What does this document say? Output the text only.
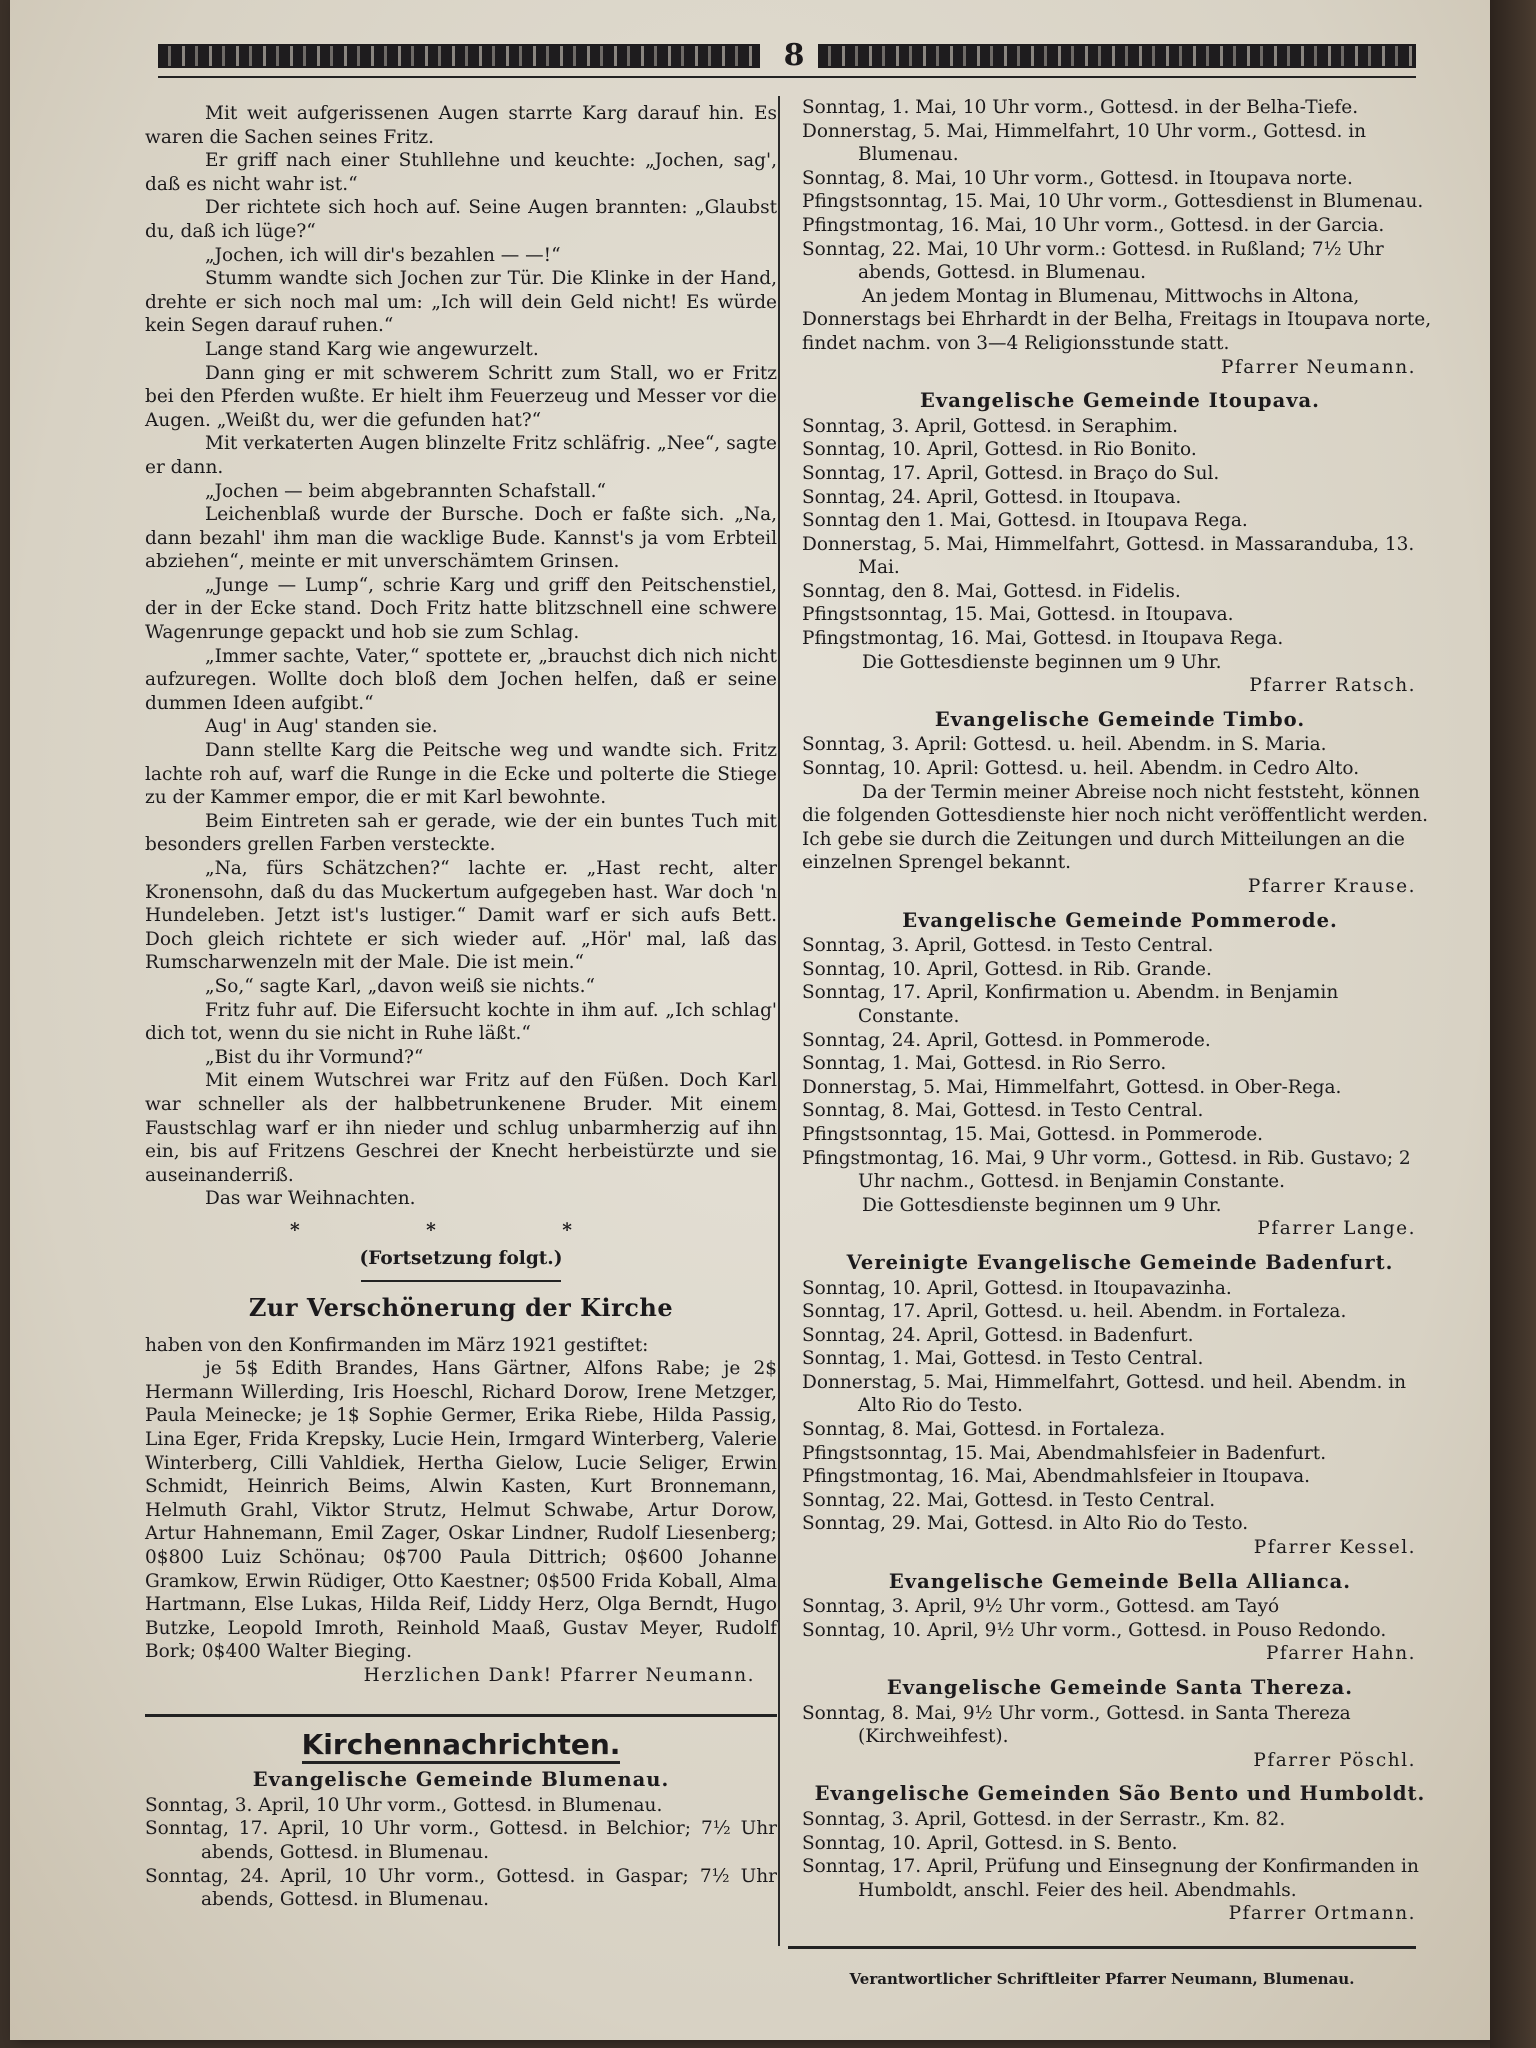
8

Mit weit aufgerissenen Augen starrte Karg darauf hin. Es waren die Sachen seines Fritz.

Er griff nach einer Stuhllehne und keuchte: „Jochen, sag', daß es nicht wahr ist.“

Der richtete sich hoch auf. Seine Augen brannten: „Glaubst du, daß ich lüge?“

„Jochen, ich will dir's bezahlen — —!“

Stumm wandte sich Jochen zur Tür. Die Klinke in der Hand, drehte er sich noch mal um: „Ich will dein Geld nicht! Es würde kein Segen darauf ruhen.“

Lange stand Karg wie angewurzelt.

Dann ging er mit schwerem Schritt zum Stall, wo er Fritz bei den Pferden wußte. Er hielt ihm Feuerzeug und Messer vor die Augen. „Weißt du, wer die gefunden hat?“

Mit verkaterten Augen blinzelte Fritz schläfrig. „Nee“, sagte er dann.

„Jochen — beim abgebrannten Schafstall.“

Leichenblaß wurde der Bursche. Doch er faßte sich. „Na, dann bezahl' ihm man die wacklige Bude. Kannst's ja vom Erbteil abziehen“, meinte er mit unverschämtem Grinsen.

„Junge — Lump“, schrie Karg und griff den Peitschenstiel, der in der Ecke stand. Doch Fritz hatte blitzschnell eine schwere Wagenrunge gepackt und hob sie zum Schlag.

„Immer sachte, Vater,“ spottete er, „brauchst dich nich nicht aufzuregen. Wollte doch bloß dem Jochen helfen, daß er seine dummen Ideen aufgibt.“

Aug' in Aug' standen sie.

Dann stellte Karg die Peitsche weg und wandte sich. Fritz lachte roh auf, warf die Runge in die Ecke und polterte die Stiege zu der Kammer empor, die er mit Karl bewohnte.

Beim Eintreten sah er gerade, wie der ein buntes Tuch mit besonders grellen Farben versteckte.

„Na, fürs Schätzchen?“ lachte er. „Hast recht, alter Kronensohn, daß du das Muckertum aufgegeben hast. War doch 'n Hundeleben. Jetzt ist's lustiger.“ Damit warf er sich aufs Bett. Doch gleich richtete er sich wieder auf. „Hör' mal, laß das Rumscharwenzeln mit der Male. Die ist mein.“

„So,“ sagte Karl, „davon weiß sie nichts.“

Fritz fuhr auf. Die Eifersucht kochte in ihm auf. „Ich schlag' dich tot, wenn du sie nicht in Ruhe läßt.“

„Bist du ihr Vormund?“

Mit einem Wutschrei war Fritz auf den Füßen. Doch Karl war schneller als der halbbetrunkenene Bruder. Mit einem Faustschlag warf er ihn nieder und schlug unbarmherzig auf ihn ein, bis auf Fritzens Geschrei der Knecht herbeistürzte und sie auseinanderriß.

Das war Weihnachten.

* * *
(Fortsetzung folgt.)
Zur Verschönerung der Kirche

haben von den Konfirmanden im März 1921 gestiftet:

je 5$ Edith Brandes, Hans Gärtner, Alfons Rabe; je 2$ Hermann Willerding, Iris Hoeschl, Richard Dorow, Irene Metzger, Paula Meinecke; je 1$ Sophie Germer, Erika Riebe, Hilda Passig, Lina Eger, Frida Krepsky, Lucie Hein, Irmgard Winterberg, Valerie Winterberg, Cilli Vahldiek, Hertha Gielow, Lucie Seliger, Erwin Schmidt, Heinrich Beims, Alwin Kasten, Kurt Bronnemann, Helmuth Grahl, Viktor Strutz, Helmut Schwabe, Artur Dorow, Artur Hahnemann, Emil Zager, Oskar Lindner, Rudolf Liesenberg; 0$800 Luiz Schönau; 0$700 Paula Dittrich; 0$600 Johanne Gramkow, Erwin Rüdiger, Otto Kaestner; 0$500 Frida Koball, Alma Hartmann, Else Lukas, Hilda Reif, Liddy Herz, Olga Berndt, Hugo Butzke, Leopold Imroth, Reinhold Maaß, Gustav Meyer, Rudolf Bork; 0$400 Walter Bieging.

Herzlichen Dank! Pfarrer Neumann.

Kirchennachrichten.
Evangelische Gemeinde Blumenau.

Sonntag, 3. April, 10 Uhr vorm., Gottesd. in Blumenau.

Sonntag, 17. April, 10 Uhr vorm., Gottesd. in Belchior; 7½ Uhr abends, Gottesd. in Blumenau.

Sonntag, 24. April, 10 Uhr vorm., Gottesd. in Gaspar; 7½ Uhr abends, Gottesd. in Blumenau.

Sonntag, 1. Mai, 10 Uhr vorm., Gottesd. in der Belha-Tiefe.

Donnerstag, 5. Mai, Himmelfahrt, 10 Uhr vorm., Gottesd. in Blumenau.

Sonntag, 8. Mai, 10 Uhr vorm., Gottesd. in Itoupava norte.

Pfingstsonntag, 15. Mai, 10 Uhr vorm., Gottesdienst in Blumenau.

Pfingstmontag, 16. Mai, 10 Uhr vorm., Gottesd. in der Garcia.

Sonntag, 22. Mai, 10 Uhr vorm.: Gottesd. in Rußland; 7½ Uhr abends, Gottesd. in Blumenau.

An jedem Montag in Blumenau, Mittwochs in Altona, Donnerstags bei Ehrhardt in der Belha, Freitags in Itoupava norte, findet nachm. von 3—4 Religionsstunde statt.

Pfarrer Neumann.

Evangelische Gemeinde Itoupava.

Sonntag, 3. April, Gottesd. in Seraphim.

Sonntag, 10. April, Gottesd. in Rio Bonito.

Sonntag, 17. April, Gottesd. in Braço do Sul.

Sonntag, 24. April, Gottesd. in Itoupava.

Sonntag den 1. Mai, Gottesd. in Itoupava Rega.

Donnerstag, 5. Mai, Himmelfahrt, Gottesd. in Massaranduba, 13. Mai.

Sonntag, den 8. Mai, Gottesd. in Fidelis.

Pfingstsonntag, 15. Mai, Gottesd. in Itoupava.

Pfingstmontag, 16. Mai, Gottesd. in Itoupava Rega.

Die Gottesdienste beginnen um 9 Uhr.

Pfarrer Ratsch.

Evangelische Gemeinde Timbo.

Sonntag, 3. April: Gottesd. u. heil. Abendm. in S. Maria.

Sonntag, 10. April: Gottesd. u. heil. Abendm. in Cedro Alto.

Da der Termin meiner Abreise noch nicht feststeht, können die folgenden Gottesdienste hier noch nicht veröffentlicht werden. Ich gebe sie durch die Zeitungen und durch Mitteilungen an die einzelnen Sprengel bekannt.

Pfarrer Krause.

Evangelische Gemeinde Pommerode.

Sonntag, 3. April, Gottesd. in Testo Central.

Sonntag, 10. April, Gottesd. in Rib. Grande.

Sonntag, 17. April, Konfirmation u. Abendm. in Benjamin Constante.

Sonntag, 24. April, Gottesd. in Pommerode.

Sonntag, 1. Mai, Gottesd. in Rio Serro.

Donnerstag, 5. Mai, Himmelfahrt, Gottesd. in Ober-Rega.

Sonntag, 8. Mai, Gottesd. in Testo Central.

Pfingstsonntag, 15. Mai, Gottesd. in Pommerode.

Pfingstmontag, 16. Mai, 9 Uhr vorm., Gottesd. in Rib. Gustavo; 2 Uhr nachm., Gottesd. in Benjamin Constante.

Die Gottesdienste beginnen um 9 Uhr.

Pfarrer Lange.

Vereinigte Evangelische Gemeinde Badenfurt.

Sonntag, 10. April, Gottesd. in Itoupavazinha.

Sonntag, 17. April, Gottesd. u. heil. Abendm. in Fortaleza.

Sonntag, 24. April, Gottesd. in Badenfurt.

Sonntag, 1. Mai, Gottesd. in Testo Central.

Donnerstag, 5. Mai, Himmelfahrt, Gottesd. und heil. Abendm. in Alto Rio do Testo.

Sonntag, 8. Mai, Gottesd. in Fortaleza.

Pfingstsonntag, 15. Mai, Abendmahlsfeier in Badenfurt.

Pfingstmontag, 16. Mai, Abendmahlsfeier in Itoupava.

Sonntag, 22. Mai, Gottesd. in Testo Central.

Sonntag, 29. Mai, Gottesd. in Alto Rio do Testo.

Pfarrer Kessel.

Evangelische Gemeinde Bella Allianca.

Sonntag, 3. April, 9½ Uhr vorm., Gottesd. am Tayó

Sonntag, 10. April, 9½ Uhr vorm., Gottesd. in Pouso Redondo.

Pfarrer Hahn.

Evangelische Gemeinde Santa Thereza.

Sonntag, 8. Mai, 9½ Uhr vorm., Gottesd. in Santa Thereza (Kirchweihfest).

Pfarrer Pöschl.

Evangelische Gemeinden São Bento und Humboldt.

Sonntag, 3. April, Gottesd. in der Serrastr., Km. 82.

Sonntag, 10. April, Gottesd. in S. Bento.

Sonntag, 17. April, Prüfung und Einsegnung der Konfirmanden in Humboldt, anschl. Feier des heil. Abendmahls.

Pfarrer Ortmann.

Verantwortlicher Schriftleiter Pfarrer Neumann, Blumenau.
